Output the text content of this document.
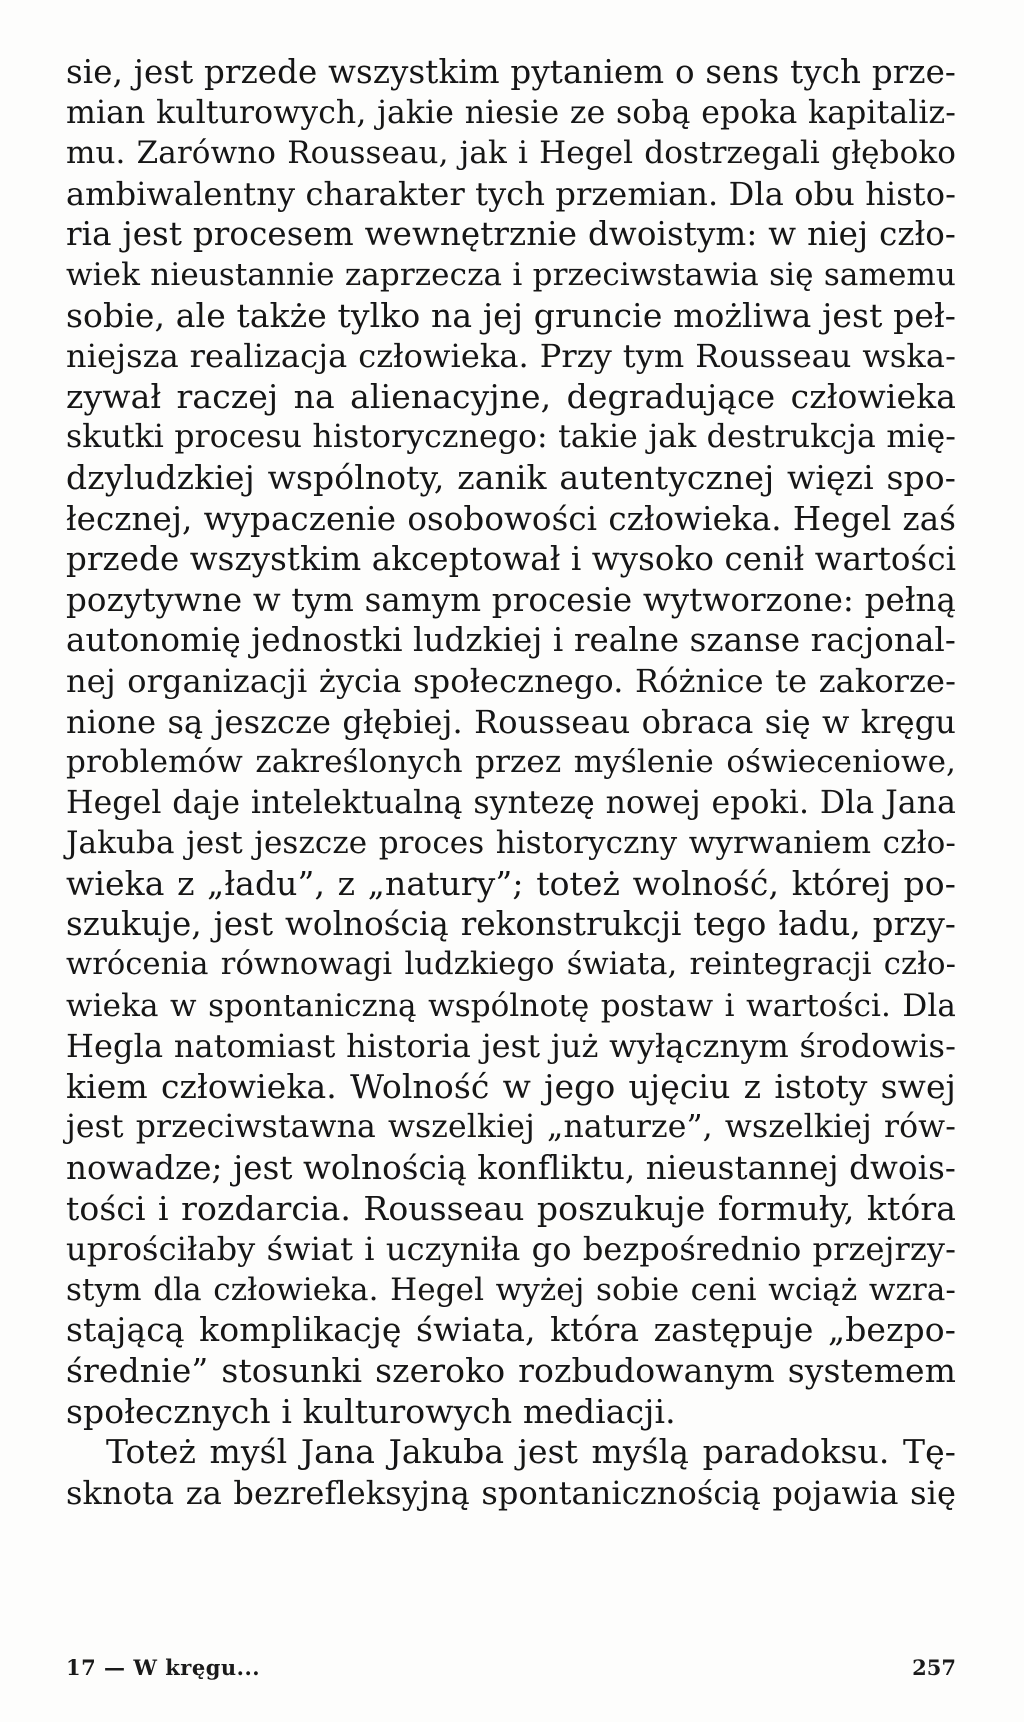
sie, jest przede wszystkim pytaniem o sens tych prze-
mian kulturowych, jakie niesie ze sobą epoka kapitaliz-
mu. Zarówno Rousseau, jak i Hegel dostrzegali głęboko
ambiwalentny charakter tych przemian. Dla obu histo-
ria jest procesem wewnętrznie dwoistym: w niej czło-
wiek nieustannie zaprzecza i przeciwstawia się samemu
sobie, ale także tylko na jej gruncie możliwa jest peł-
niejsza realizacja człowieka. Przy tym Rousseau wska-
zywał raczej na alienacyjne, degradujące człowieka
skutki procesu historycznego: takie jak destrukcja mię-
dzyludzkiej wspólnoty, zanik autentycznej więzi spo-
łecznej, wypaczenie osobowości człowieka. Hegel zaś
przede wszystkim akceptował i wysoko cenił wartości
pozytywne w tym samym procesie wytworzone: pełną
autonomię jednostki ludzkiej i realne szanse racjonal-
nej organizacji życia społecznego. Różnice te zakorze-
nione są jeszcze głębiej. Rousseau obraca się w kręgu
problemów zakreślonych przez myślenie oświeceniowe,
Hegel daje intelektualną syntezę nowej epoki. Dla Jana
Jakuba jest jeszcze proces historyczny wyrwaniem czło-
wieka z „ładu”, z „natury”; toteż wolność, której po-
szukuje, jest wolnością rekonstrukcji tego ładu, przy-
wrócenia równowagi ludzkiego świata, reintegracji czło-
wieka w spontaniczną wspólnotę postaw i wartości. Dla
Hegla natomiast historia jest już wyłącznym środowis-
kiem człowieka. Wolność w jego ujęciu z istoty swej
jest przeciwstawna wszelkiej „naturze”, wszelkiej rów-
nowadze; jest wolnością konfliktu, nieustannej dwois-
tości i rozdarcia. Rousseau poszukuje formuły, która
uprościłaby świat i uczyniła go bezpośrednio przejrzy-
stym dla człowieka. Hegel wyżej sobie ceni wciąż wzra-
stającą komplikację świata, która zastępuje „bezpo-
średnie” stosunki szeroko rozbudowanym systemem
społecznych i kulturowych mediacji.
Toteż myśl Jana Jakuba jest myślą paradoksu. Tę-
sknota za bezrefleksyjną spontanicznością pojawia się
17 — W kręgu...	257
